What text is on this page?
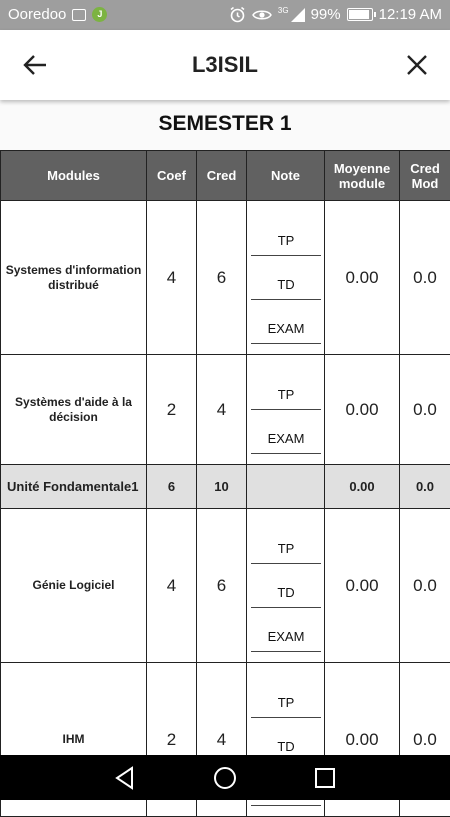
Ooredoo	J	3G 99%	12:19 AM
L3ISIL
SEMESTER 1
Modules	Coef	Cred	Note	Moyenne module	Cred Mod
Systemes d'information distribué	4	6	TP
TD
EXAM	0.00	0.0
Systèmes d'aide à la décision	2	4	TP
EXAM	0.00	0.0
Unité Fondamentale1	6	10		0.00	0.0
Génie Logiciel	4	6	TP
TD
EXAM	0.00	0.0
IHM	2	4	TP
TD	0.00	0.0
